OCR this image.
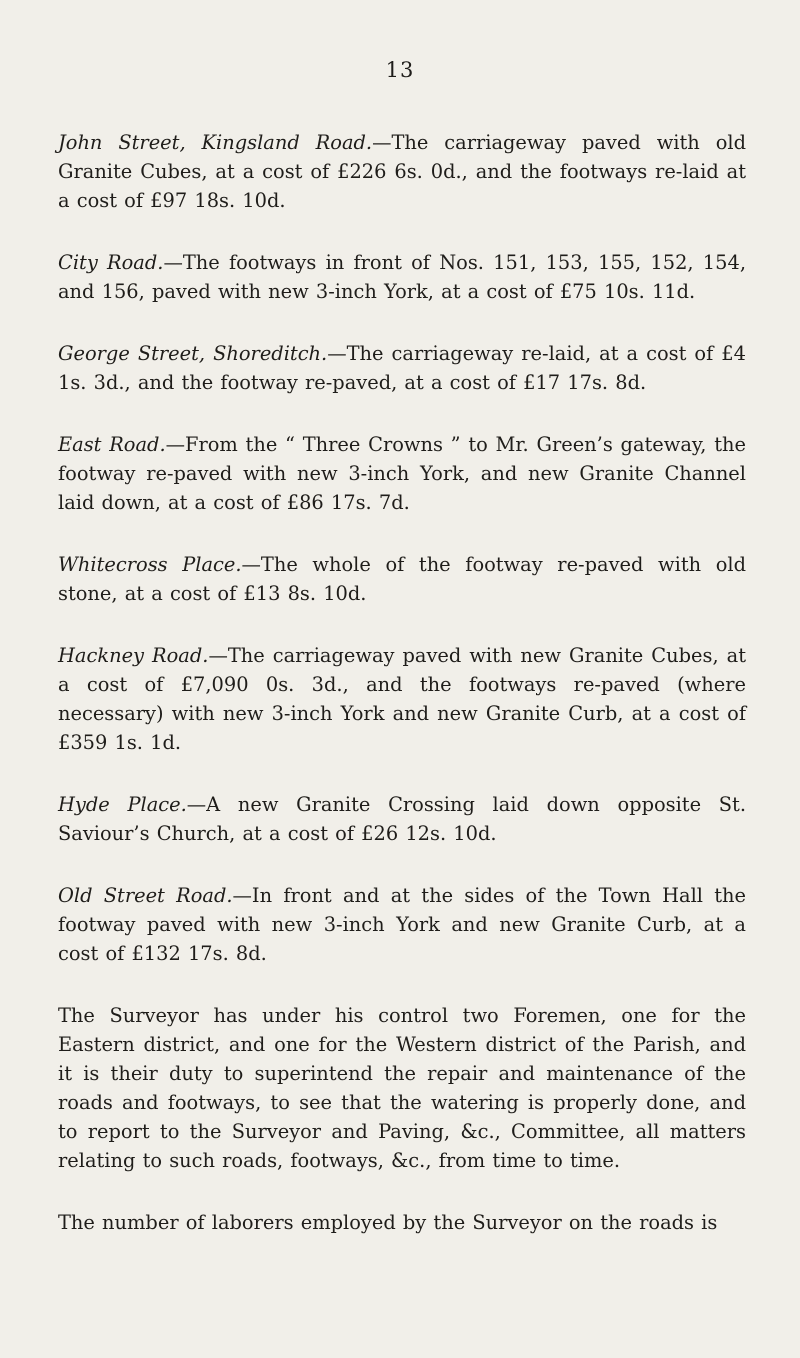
13

John Street, Kingsland Road.—The carriageway paved with old Granite Cubes, at a cost of £226 6s. 0d., and the footways re-laid at a cost of £97 18s. 10d.

City Road.—The footways in front of Nos. 151, 153, 155, 152, 154, and 156, paved with new 3-inch York, at a cost of £75 10s. 11d.

George Street, Shoreditch.—The carriageway re-laid, at a cost of £4 1s. 3d., and the footway re-paved, at a cost of £17 17s. 8d.

East Road.—From the “ Three Crowns ” to Mr. Green’s gateway, the footway re-paved with new 3-inch York, and new Granite Channel laid down, at a cost of £86 17s. 7d.

Whitecross Place.—The whole of the footway re-paved with old stone, at a cost of £13 8s. 10d.

Hackney Road.—The carriageway paved with new Granite Cubes, at a cost of £7,090 0s. 3d., and the footways re-paved (where necessary) with new 3-inch York and new Granite Curb, at a cost of £359 1s. 1d.

Hyde Place.—A new Granite Crossing laid down opposite St. Saviour’s Church, at a cost of £26 12s. 10d.

Old Street Road.—In front and at the sides of the Town Hall the footway paved with new 3-inch York and new Granite Curb, at a cost of £132 17s. 8d.

The Surveyor has under his control two Foremen, one for the Eastern district, and one for the Western district of the Parish, and it is their duty to superintend the repair and maintenance of the roads and footways, to see that the watering is properly done, and to report to the Surveyor and Paving, &c., Committee, all matters relating to such roads, footways, &c., from time to time.

The number of laborers employed by the Surveyor on the roads is
